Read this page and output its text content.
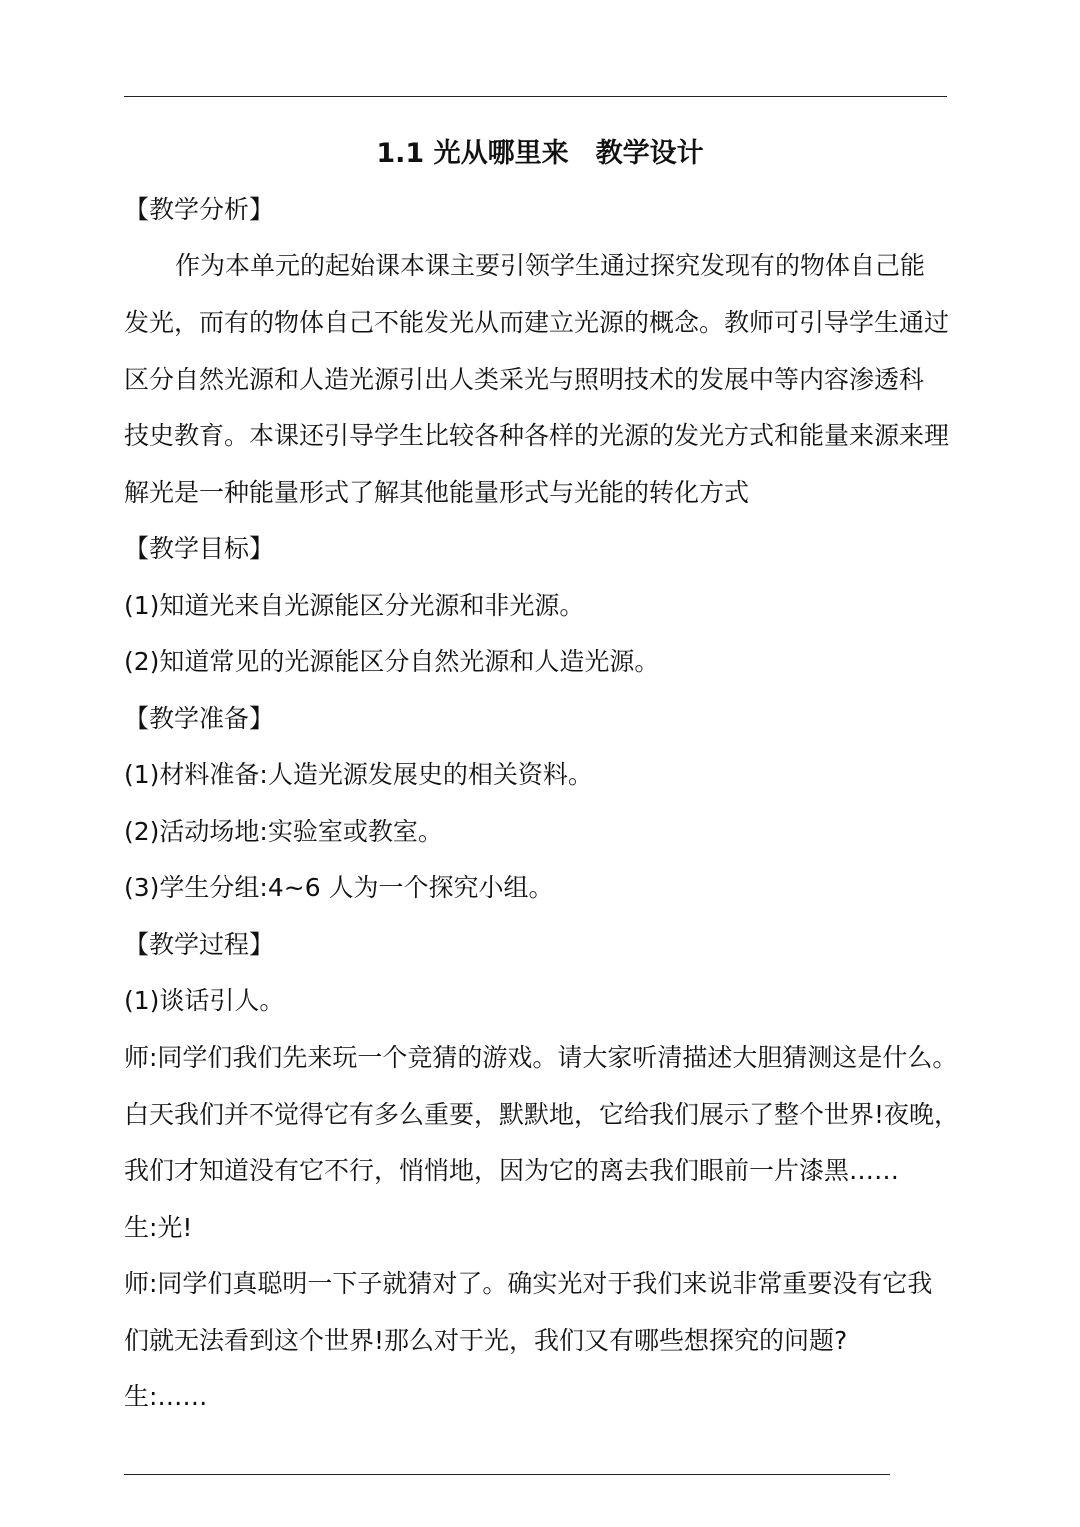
1.1 光从哪里来　教学设计
【教学分析】
作为本单元的起始课本课主要引领学生通过探究发现有的物体自己能
发光，而有的物体自己不能发光从而建立光源的概念。教师可引导学生通过
区分自然光源和人造光源引出人类采光与照明技术的发展中等内容渗透科
技史教育。本课还引导学生比较各种各样的光源的发光方式和能量来源来理
解光是一种能量形式了解其他能量形式与光能的转化方式
【教学目标】
(1)知道光来自光源能区分光源和非光源。
(2)知道常见的光源能区分自然光源和人造光源。
【教学准备】
(1)材料准备:人造光源发展史的相关资料。
(2)活动场地:实验室或教室。
(3)学生分组:4~6 人为一个探究小组。
【教学过程】
(1)谈话引人。
师:同学们我们先来玩一个竞猜的游戏。请大家听清描述大胆猜测这是什么。
白天我们并不觉得它有多么重要，默默地，它给我们展示了整个世界!夜晚，
我们才知道没有它不行，悄悄地，因为它的离去我们眼前一片漆黑……
生:光!
师:同学们真聪明一下子就猜对了。确实光对于我们来说非常重要没有它我
们就无法看到这个世界!那么对于光，我们又有哪些想探究的问题?
生:……
